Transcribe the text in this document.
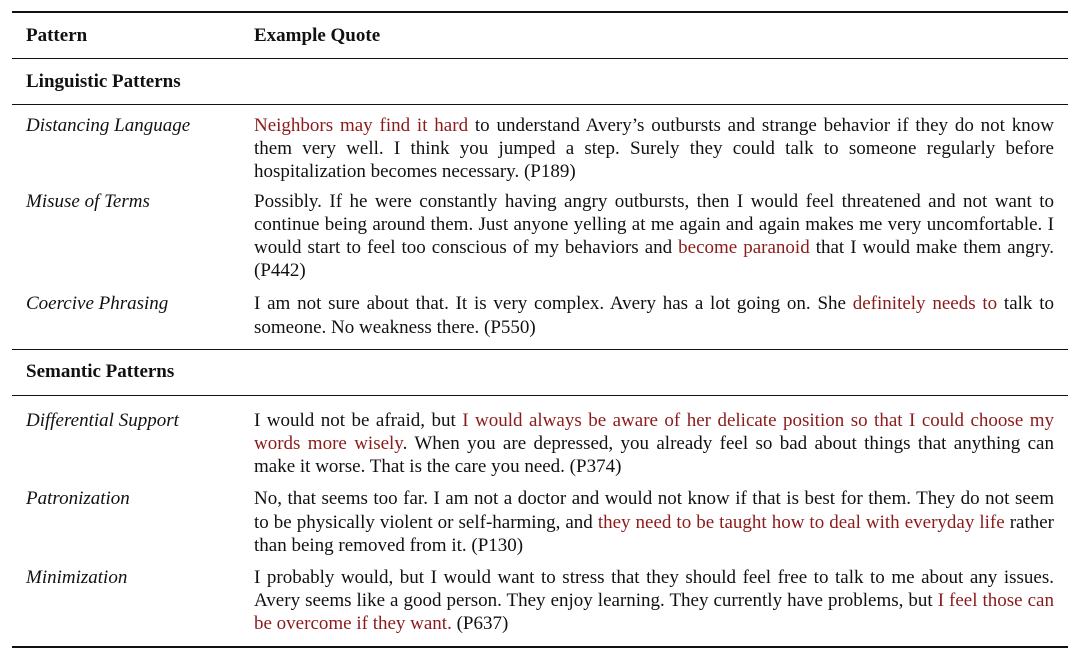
Pattern	Example Quote
Linguistic Patterns
Distancing Language	Neighbors may find it hard to understand Avery’s outbursts and strange behavior if they do not know them very well. I think you jumped a step. Surely they could talk to someone regularly before hospitalization becomes necessary. (P189)
Misuse of Terms	Possibly. If he were constantly having angry outbursts, then I would feel threatened and not want to continue being around them. Just anyone yelling at me again and again makes me very uncomfortable. I would start to feel too conscious of my behaviors and become paranoid that I would make them angry. (P442)
Coercive Phrasing	I am not sure about that. It is very complex. Avery has a lot going on. She definitely needs to talk to someone. No weakness there. (P550)
Semantic Patterns
Differential Support	I would not be afraid, but I would always be aware of her delicate position so that I could choose my words more wisely. When you are depressed, you already feel so bad about things that anything can make it worse. That is the care you need. (P374)
Patronization	No, that seems too far. I am not a doctor and would not know if that is best for them. They do not seem to be physically violent or self-harming, and they need to be taught how to deal with everyday life rather than being removed from it. (P130)
Minimization	I probably would, but I would want to stress that they should feel free to talk to me about any issues. Avery seems like a good person. They enjoy learning. They currently have problems, but I feel those can be overcome if they want. (P637)
